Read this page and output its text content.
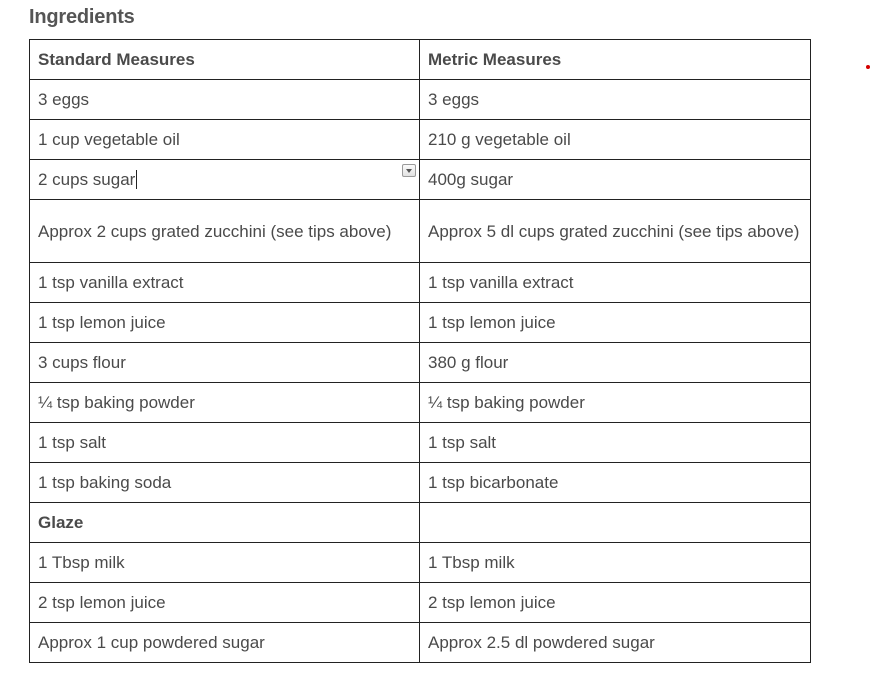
Ingredients
Standard Measures	Metric Measures
3 eggs	3 eggs
1 cup vegetable oil	210 g vegetable oil
2 cups sugar	400g sugar
Approx 2 cups grated zucchini (see tips above)	Approx 5 dl cups grated zucchini (see tips above)
1 tsp vanilla extract	1 tsp vanilla extract
1 tsp lemon juice	1 tsp lemon juice
3 cups flour	380 g flour
¼ tsp baking powder	¼ tsp baking powder
1 tsp salt	1 tsp salt
1 tsp baking soda	1 tsp bicarbonate
Glaze	
1 Tbsp milk	1 Tbsp milk
2 tsp lemon juice	2 tsp lemon juice
Approx 1 cup powdered sugar	Approx 2.5 dl powdered sugar
